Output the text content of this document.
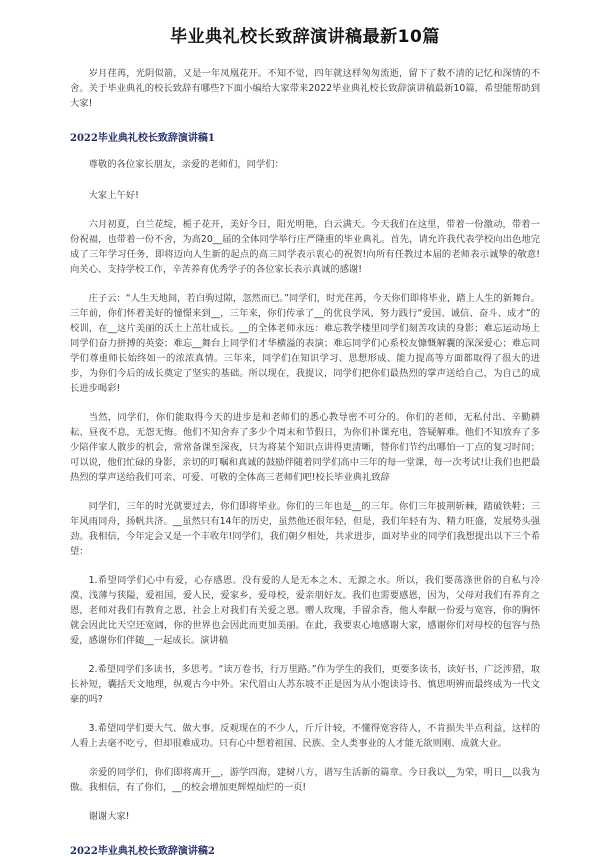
毕业典礼校长致辞演讲稿最新10篇

岁月荏苒，光阴似箭，又是一年凤凰花开。不知不觉，四年就这样匆匆流逝，留下了数不清的记忆和深情的不舍。关于毕业典礼的校长致辞有哪些?下面小编给大家带来2022毕业典礼校长致辞演讲稿最新10篇，希望能帮助到大家!

2022毕业典礼校长致辞演讲稿1

尊敬的各位家长朋友，亲爱的老师们，同学们：

大家上午好!

六月初夏，白兰花绽，栀子花开，美好今日，阳光明艳，白云满天。今天我们在这里，带着一份激动，带着一份祝福，也带着一份不舍，为高20__届的全体同学举行庄严隆重的毕业典礼。首先，请允许我代表学校向出色地完成了三年学习任务，即将迈向人生新的起点的高三同学表示衷心的祝贺!向所有任教过本届的老师表示诚挚的敬意!向关心、支持学校工作，辛苦养育优秀学子的各位家长表示真诚的感谢!

庄子云：“人生天地间，若白驹过隙，忽然而已。”同学们，时光荏苒，今天你们即将毕业，踏上人生的新舞台。三年前，你们怀着美好的憧憬来到__，三年来，你们传承了__的优良学风，努力践行“爱国、诚信、奋斗、成才”的校训，在__这片美丽的沃土上茁壮成长。__的全体老师永远：难忘教学楼里同学们刻苦攻读的身影；难忘运动场上同学们奋力拼搏的英姿；难忘__舞台上同学们才华横溢的表演；难忘同学们心系校友慷慨解囊的深深爱心；难忘同学们尊重师长始终如一的浓浓真情。三年来，同学们在知识学习、思想形成、能力提高等方面都取得了很大的进步，为你们今后的成长奠定了坚实的基础。所以现在，我提议，同学们把你们最热烈的掌声送给自己，为自己的成长进步喝彩!

当然，同学们，你们能取得今天的进步是和老师们的悉心教导密不可分的。你们的老师，无私付出、辛勤耕耘、昼夜不息，无怨无悔。他们不知舍弃了多少个周末和节假日，为你们补课充电，答疑解难。他们不知放弃了多少陪伴家人散步的机会，常常备课至深夜，只为将某个知识点讲得更清晰，替你们节约出哪怕一丁点的复习时间；可以说，他们忙碌的身影，亲切的叮嘱和真诚的鼓励伴随着同学们高中三年的每一堂课，每一次考试!让我们也把最热烈的掌声送给我们可亲、可爱、可敬的全体高三老师们吧!校长毕业典礼致辞

同学们，三年的时光就要过去，你们即将毕业。你们的三年也是__的三年。你们三年披荆斩棘，踏破铁鞋；三年风雨同舟，扬帆共济。__虽然只有14年的历史，虽然他还很年轻，但是，我们年轻有为、精力旺盛，发展势头强劲。我相信，今年定会又是一个丰收年!同学们，我们朝夕相处，共求进步，面对毕业的同学们我想提出以下三个希望：

1.希望同学们心中有爱，心存感恩。没有爱的人是无本之木、无源之水。所以，我们要荡涤世俗的自私与冷漠、浅薄与狭隘，爱祖国，爱人民，爱家乡，爱母校，爱亲朋好友。我们也需要感恩，因为，父母对我们有养育之恩，老师对我们有教育之恩，社会上对我们有关爱之恩。赠人玫瑰，手留余香，他人奉献一份爱与宽容，你的胸怀就会因此比天空还宽阔，你的世界也会因此而更加美丽。在此，我要衷心地感谢大家，感谢你们对母校的包容与热爱，感谢你们伴随__一起成长。演讲稿

2.希望同学们多读书，多思考。“读万卷书，行万里路。”作为学生的我们，更要多读书，读好书，广泛涉猎，取长补短，囊括天文地理，纵观古今中外。宋代眉山人苏东坡不正是因为从小饱读诗书、慎思明辨而最终成为一代文豪的吗?

3.希望同学们要大气、做大事。反观现在的不少人，斤斤计较，不懂得宽容待人，不肯损失半点利益，这样的人看上去毫不吃亏，但却很难成功。只有心中想着祖国、民族、全人类事业的人才能无欲则刚、成就大业。

亲爱的同学们，你们即将离开__，游学四海，建树八方，谱写生活新的篇章。今日我以__为荣，明日__以我为傲。我相信，有了你们，__的校会增加更辉煌灿烂的一页!

谢谢大家!

2022毕业典礼校长致辞演讲稿2
